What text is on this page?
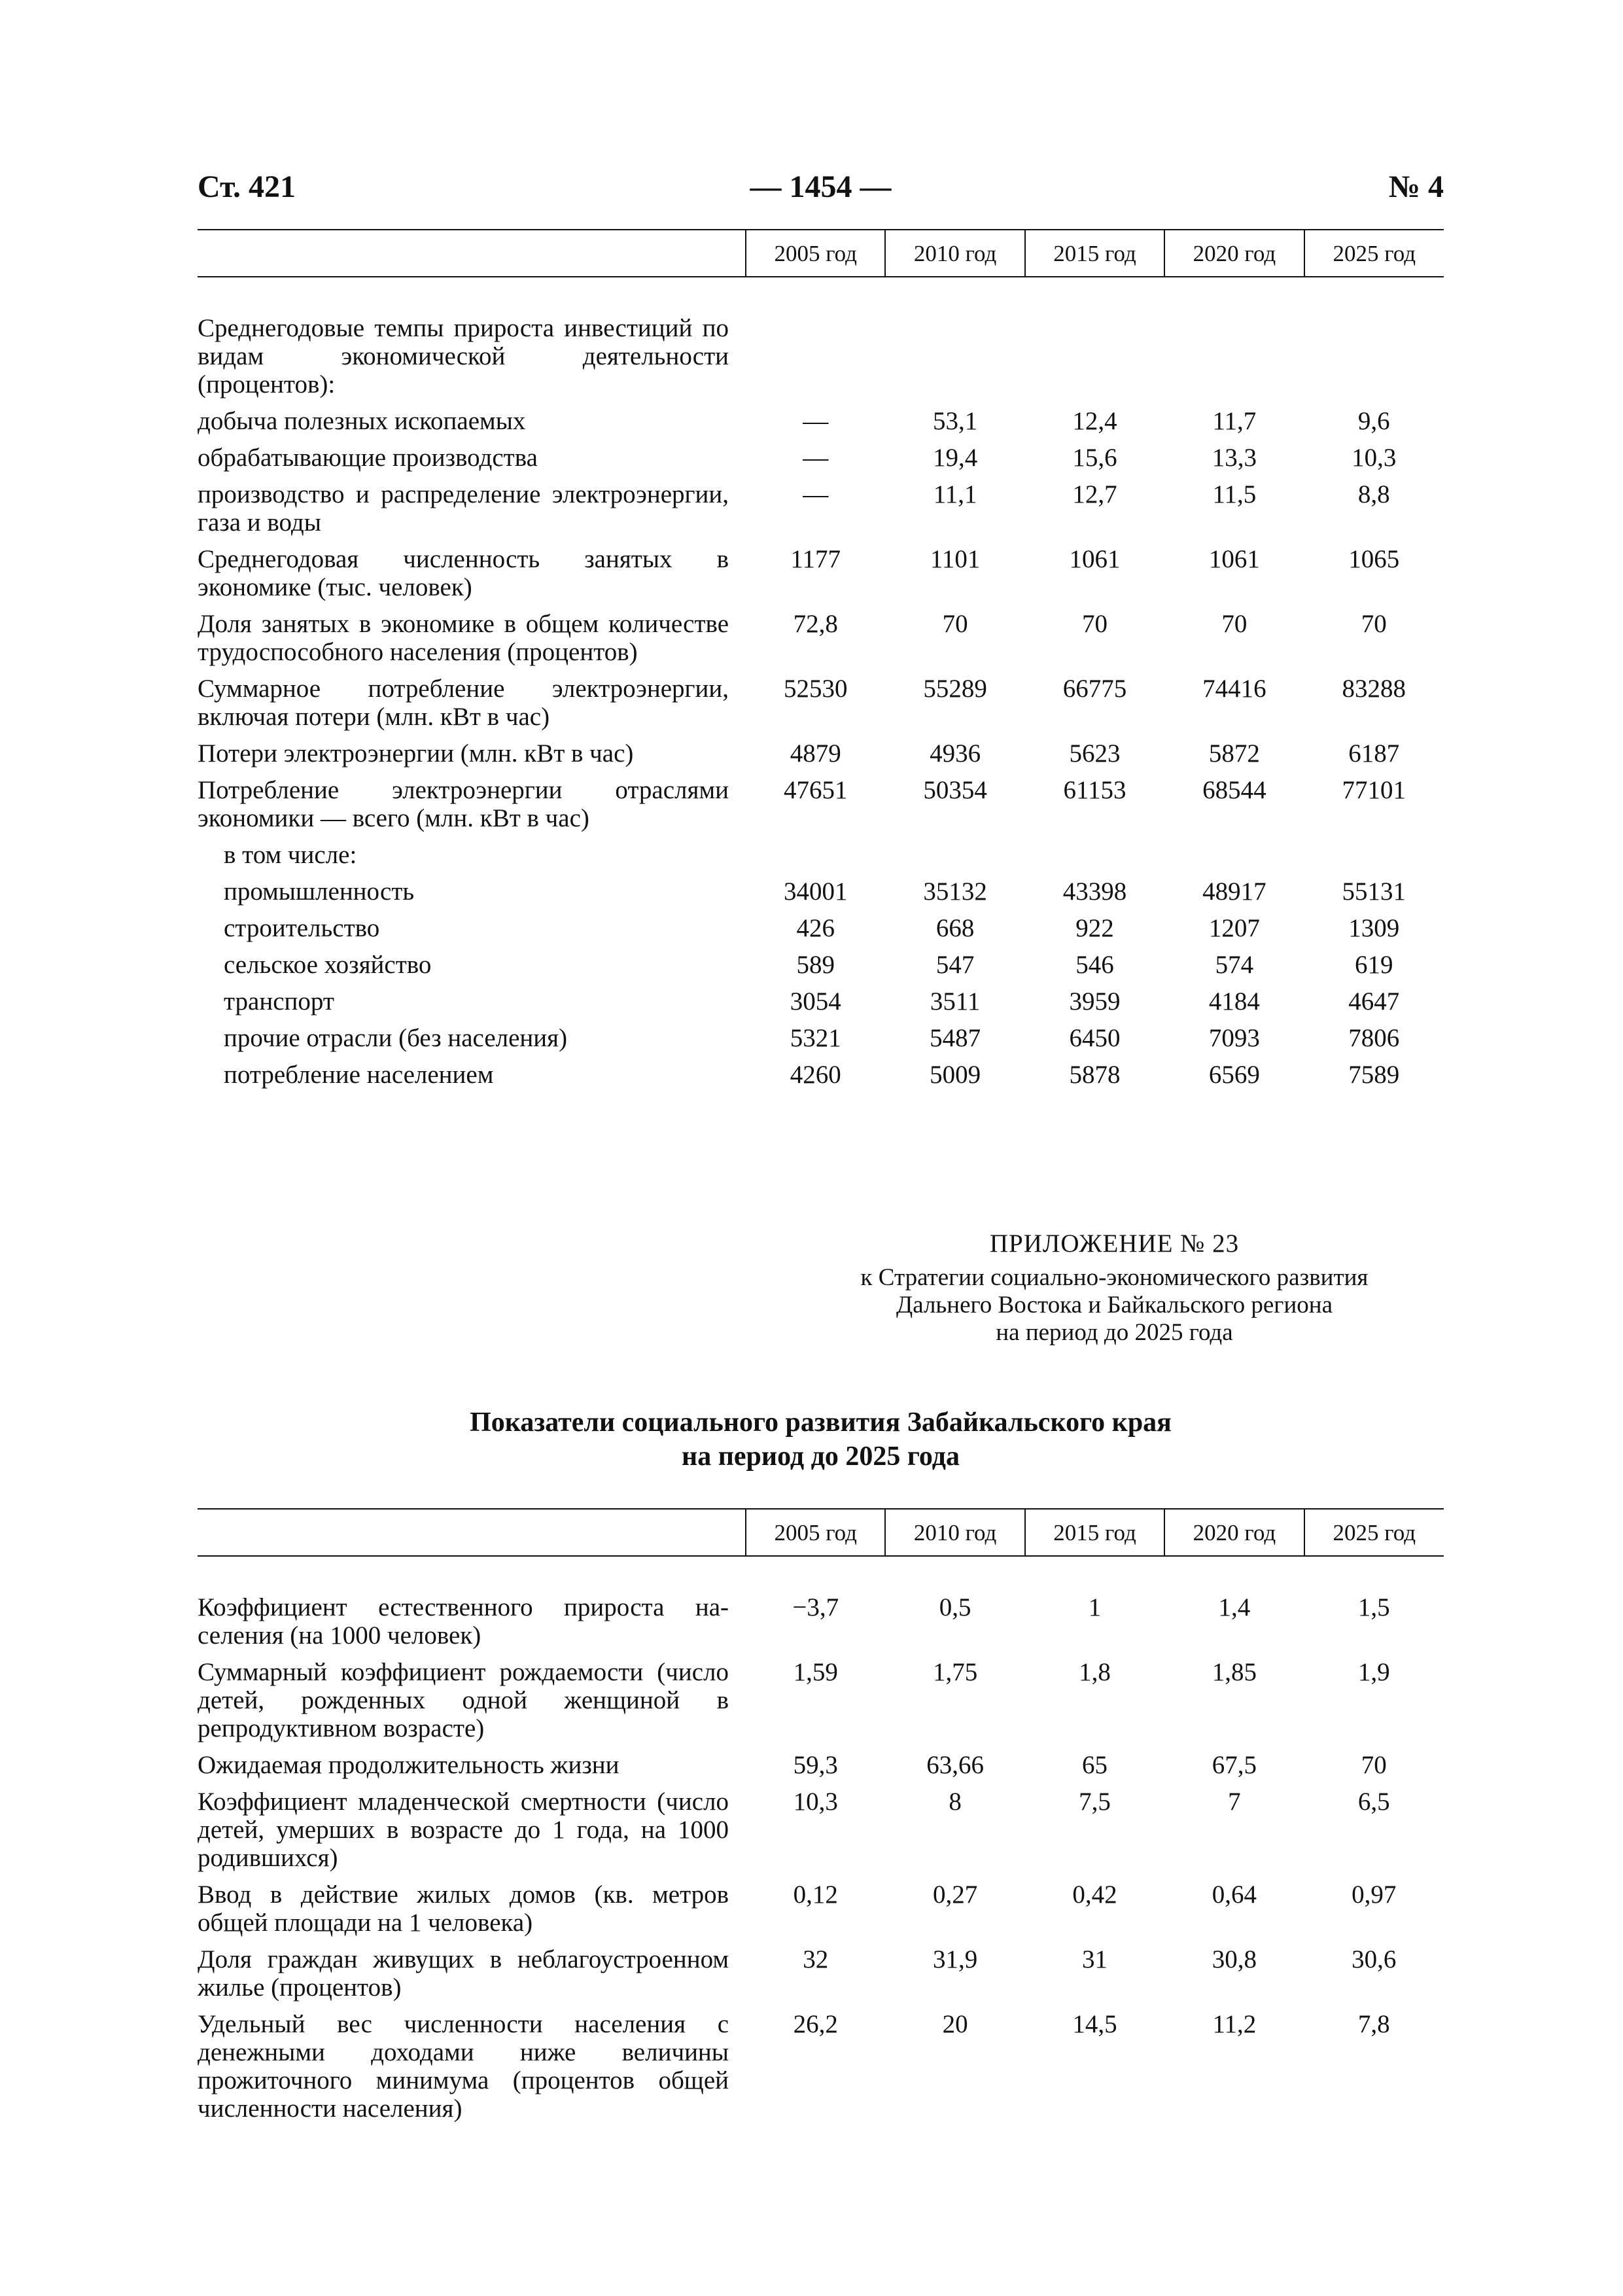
Ст. 421	— 1454 —	№ 4
	2005 год	2010 год	2015 год	2020 год	2025 год

Среднегодовые темпы прироста инвестиций по видам экономической деятельности (процентов):					
добыча полезных ископаемых	—	53,1	12,4	11,7	9,6
обрабатывающие производства	—	19,4	15,6	13,3	10,3
производство и распределение электроэнергии, газа и воды	—	11,1	12,7	11,5	8,8
Среднегодовая численность занятых в экономике (тыс. человек)	1177	1101	1061	1061	1065
Доля занятых в экономике в общем количестве трудоспособного населения (процентов)	72,8	70	70	70	70
Суммарное потребление электроэнергии, включая потери (млн. кВт в час)	52530	55289	66775	74416	83288
Потери электроэнергии (млн. кВт в час)	4879	4936	5623	5872	6187
Потребление электроэнергии отраслями экономики — всего (млн. кВт в час)	47651	50354	61153	68544	77101
в том числе:					
промышленность	34001	35132	43398	48917	55131
строительство	426	668	922	1207	1309
сельское хозяйство	589	547	546	574	619
транспорт	3054	3511	3959	4184	4647
прочие отрасли (без населения)	5321	5487	6450	7093	7806
потребление населением	4260	5009	5878	6569	7589
ПРИЛОЖЕНИЕ № 23
к Стратегии социально-экономического развития
Дальнего Востока и Байкальского региона
на период до 2025 года
Показатели социального развития Забайкальского края
на период до 2025 года
	2005 год	2010 год	2015 год	2020 год	2025 год

Коэффициент естественного прироста населения (на 1000 человек)	−3,7	0,5	1	1,4	1,5
Суммарный коэффициент рождаемости (число детей, рожденных одной женщиной в репродуктивном возрасте)	1,59	1,75	1,8	1,85	1,9
Ожидаемая продолжительность жизни	59,3	63,66	65	67,5	70
Коэффициент младенческой смертности (число детей, умерших в возрасте до 1 года, на 1000 родившихся)	10,3	8	7,5	7	6,5
Ввод в действие жилых домов (кв. метров общей площади на 1 человека)	0,12	0,27	0,42	0,64	0,97
Доля граждан живущих в неблагоустроенном жилье (процентов)	32	31,9	31	30,8	30,6
Удельный вес численности населения с денежными доходами ниже величины прожиточного минимума (процентов общей численности населения)	26,2	20	14,5	11,2	7,8
